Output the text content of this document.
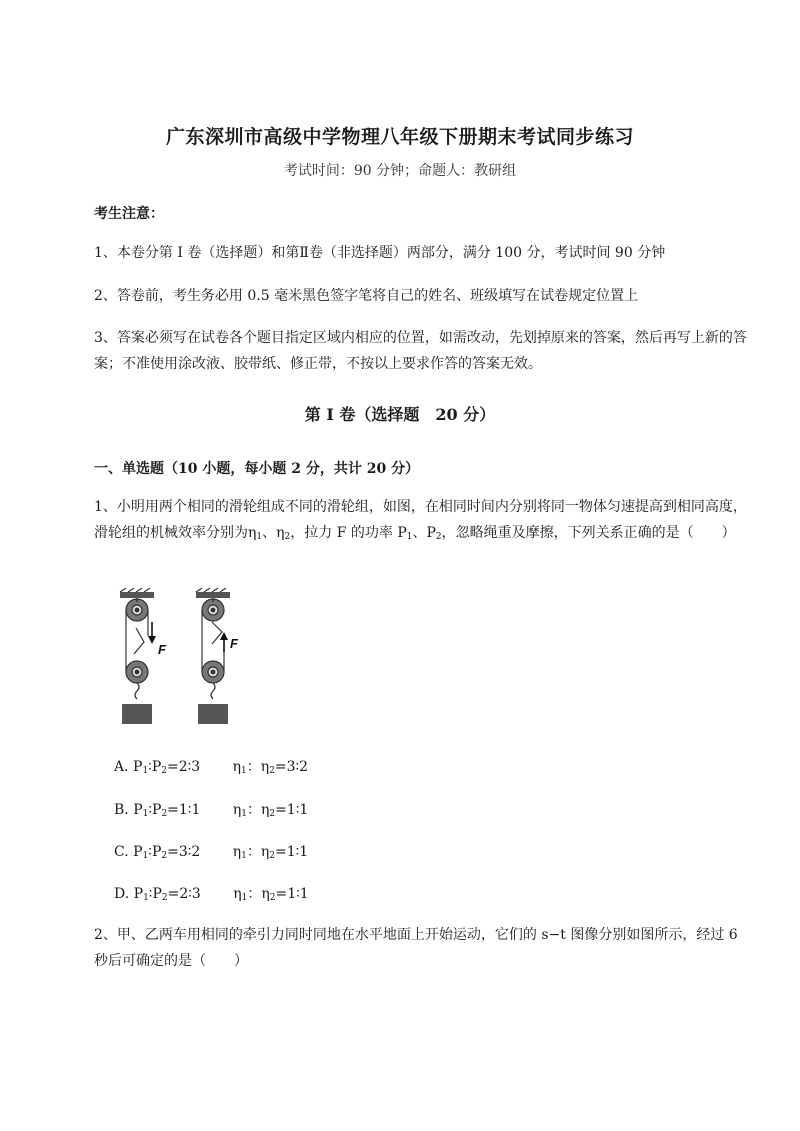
广东深圳市高级中学物理八年级下册期末考试同步练习
考试时间：90 分钟；命题人：教研组
考生注意：
1、本卷分第 I 卷（选择题）和第Ⅱ卷（非选择题）两部分，满分 100 分，考试时间 90 分钟
2、答卷前，考生务必用 0.5 毫米黑色签字笔将自己的姓名、班级填写在试卷规定位置上
3、答案必须写在试卷各个题目指定区域内相应的位置，如需改动，先划掉原来的答案，然后再写上新的答案；不准使用涂改液、胶带纸、修正带，不按以上要求作答的答案无效。
第 I 卷（选择题　20 分）
一、单选题（10 小题，每小题 2 分，共计 20 分）
1、小明用两个相同的滑轮组成不同的滑轮组，如图，在相同时间内分别将同一物体匀速提高到相同高度，滑轮组的机械效率分别为$\eta_1$、$\eta_2$，拉力 F 的功率 $P_1$、$P_2$，忽略绳重及摩擦，下列关系正确的是（　　）
F	F
A. $P_1∶P_2=2∶3$ $\eta_1$：$\eta_2=3∶2$
B. $P_1∶P_2=1∶1$ $\eta_1$：$\eta_2=1∶1$
C. $P_1∶P_2=3∶2$ $\eta_1$：$\eta_2=1∶1$
D. $P_1∶P_2=2∶3$ $\eta_1$：$\eta_2=1∶1$
2、甲、乙两车用相同的牵引力同时同地在水平地面上开始运动，它们的 s−t 图像分别如图所示，经过 6 秒后可确定的是（　　）
